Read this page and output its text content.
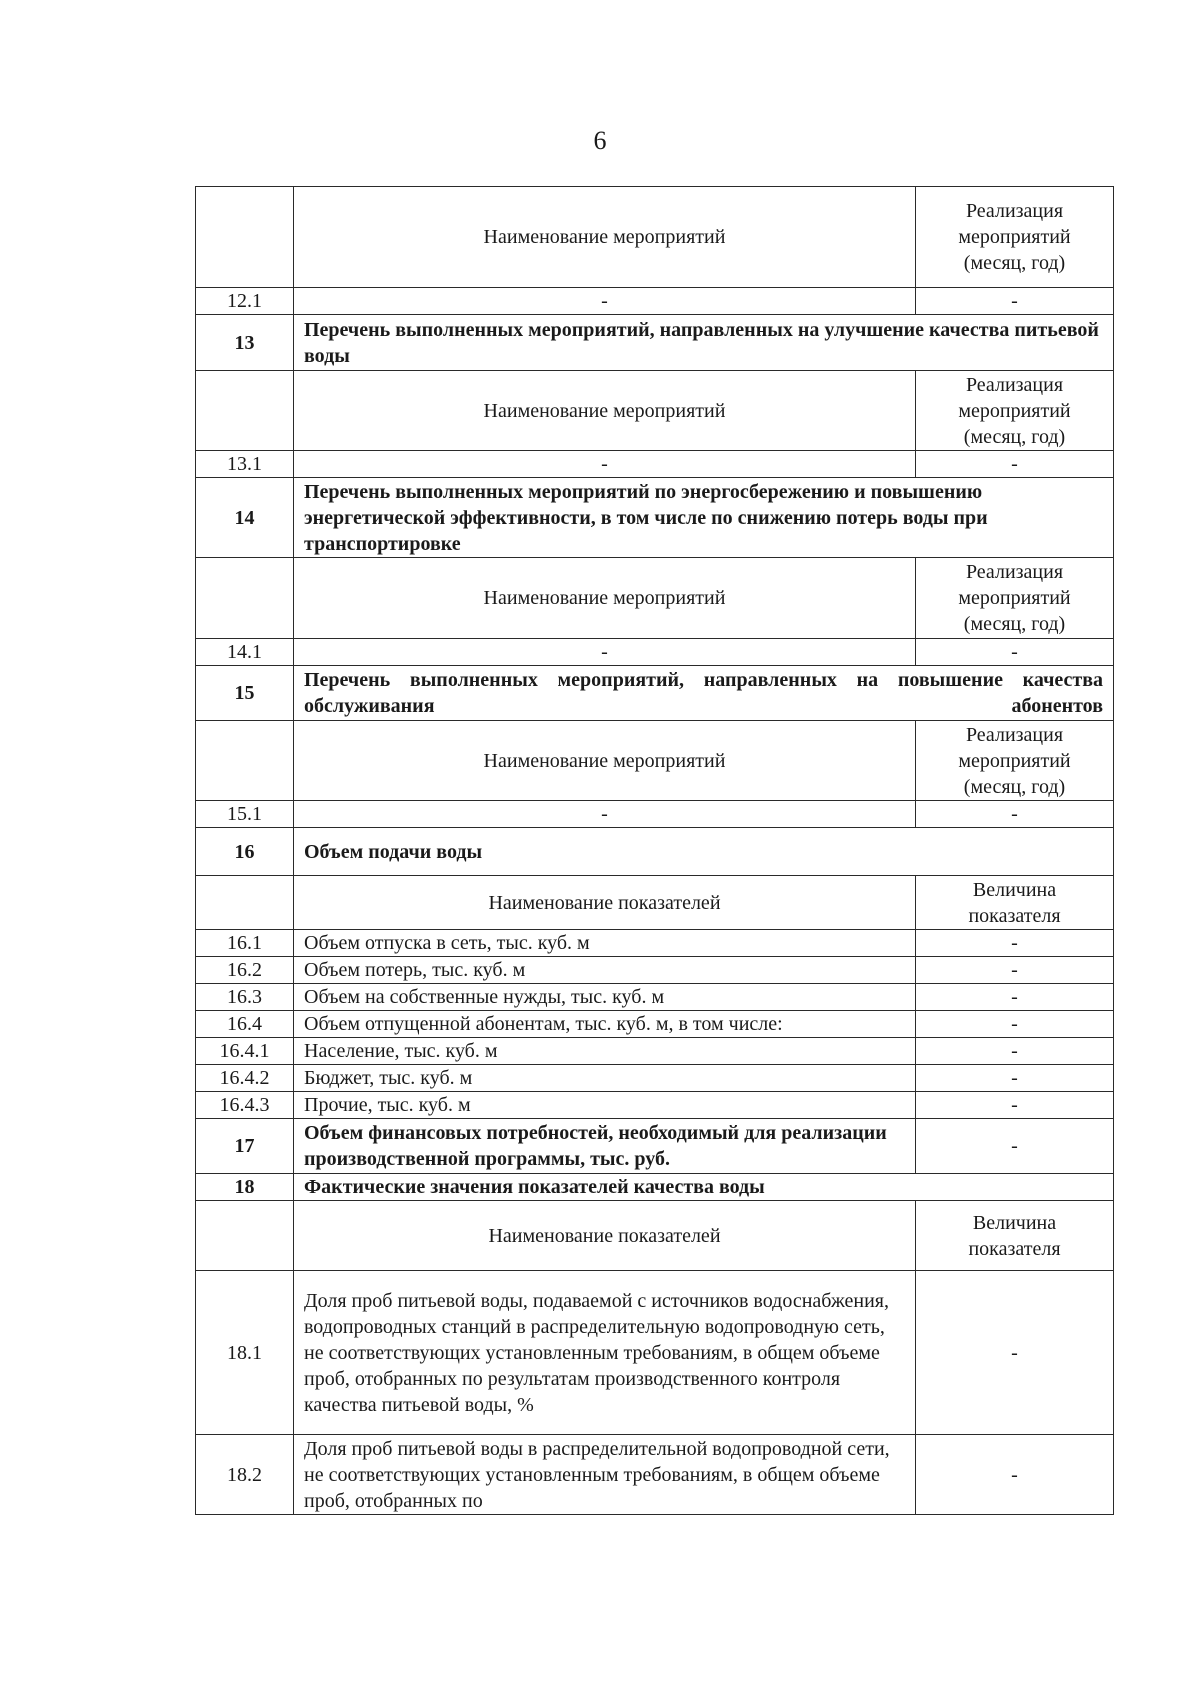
6
	Наименование мероприятий	Реализация мероприятий (месяц, год)
12.1	-	-
13	Перечень выполненных мероприятий, направленных на улучшение качества питьевой воды	
	Наименование мероприятий	Реализация мероприятий (месяц, год)
13.1	-	-
14	Перечень выполненных мероприятий по энергосбережению и повышению энергетической эффективности, в том числе по снижению потерь воды при транспортировке	
	Наименование мероприятий	Реализация мероприятий (месяц, год)
14.1	-	-
15	Перечень выполненных мероприятий, направленных на повышение качества обслуживания абонентов	
	Наименование мероприятий	Реализация мероприятий (месяц, год)
15.1	-	-
16	Объем подачи воды	
	Наименование показателей	Величина показателя
16.1	Объем отпуска в сеть, тыс. куб. м	-
16.2	Объем потерь, тыс. куб. м	-
16.3	Объем на собственные нужды, тыс. куб. м	-
16.4	Объем отпущенной абонентам, тыс. куб. м, в том числе:	-
16.4.1	Население, тыс. куб. м	-
16.4.2	Бюджет, тыс. куб. м	-
16.4.3	Прочие, тыс. куб. м	-
17	Объем финансовых потребностей, необходимый для реализации производственной программы, тыс. руб.	-
18	Фактические значения показателей качества воды	
	Наименование показателей	Величина показателя
18.1	Доля проб питьевой воды, подаваемой с источников водоснабжения, водопроводных станций в распределительную водопроводную сеть, не соответствующих установленным требованиям, в общем объеме проб, отобранных по результатам производственного контроля качества питьевой воды, %	-
18.2	Доля проб питьевой воды в распределительной водопроводной сети, не соответствующих установленным требованиям, в общем объеме проб, отобранных по	-
